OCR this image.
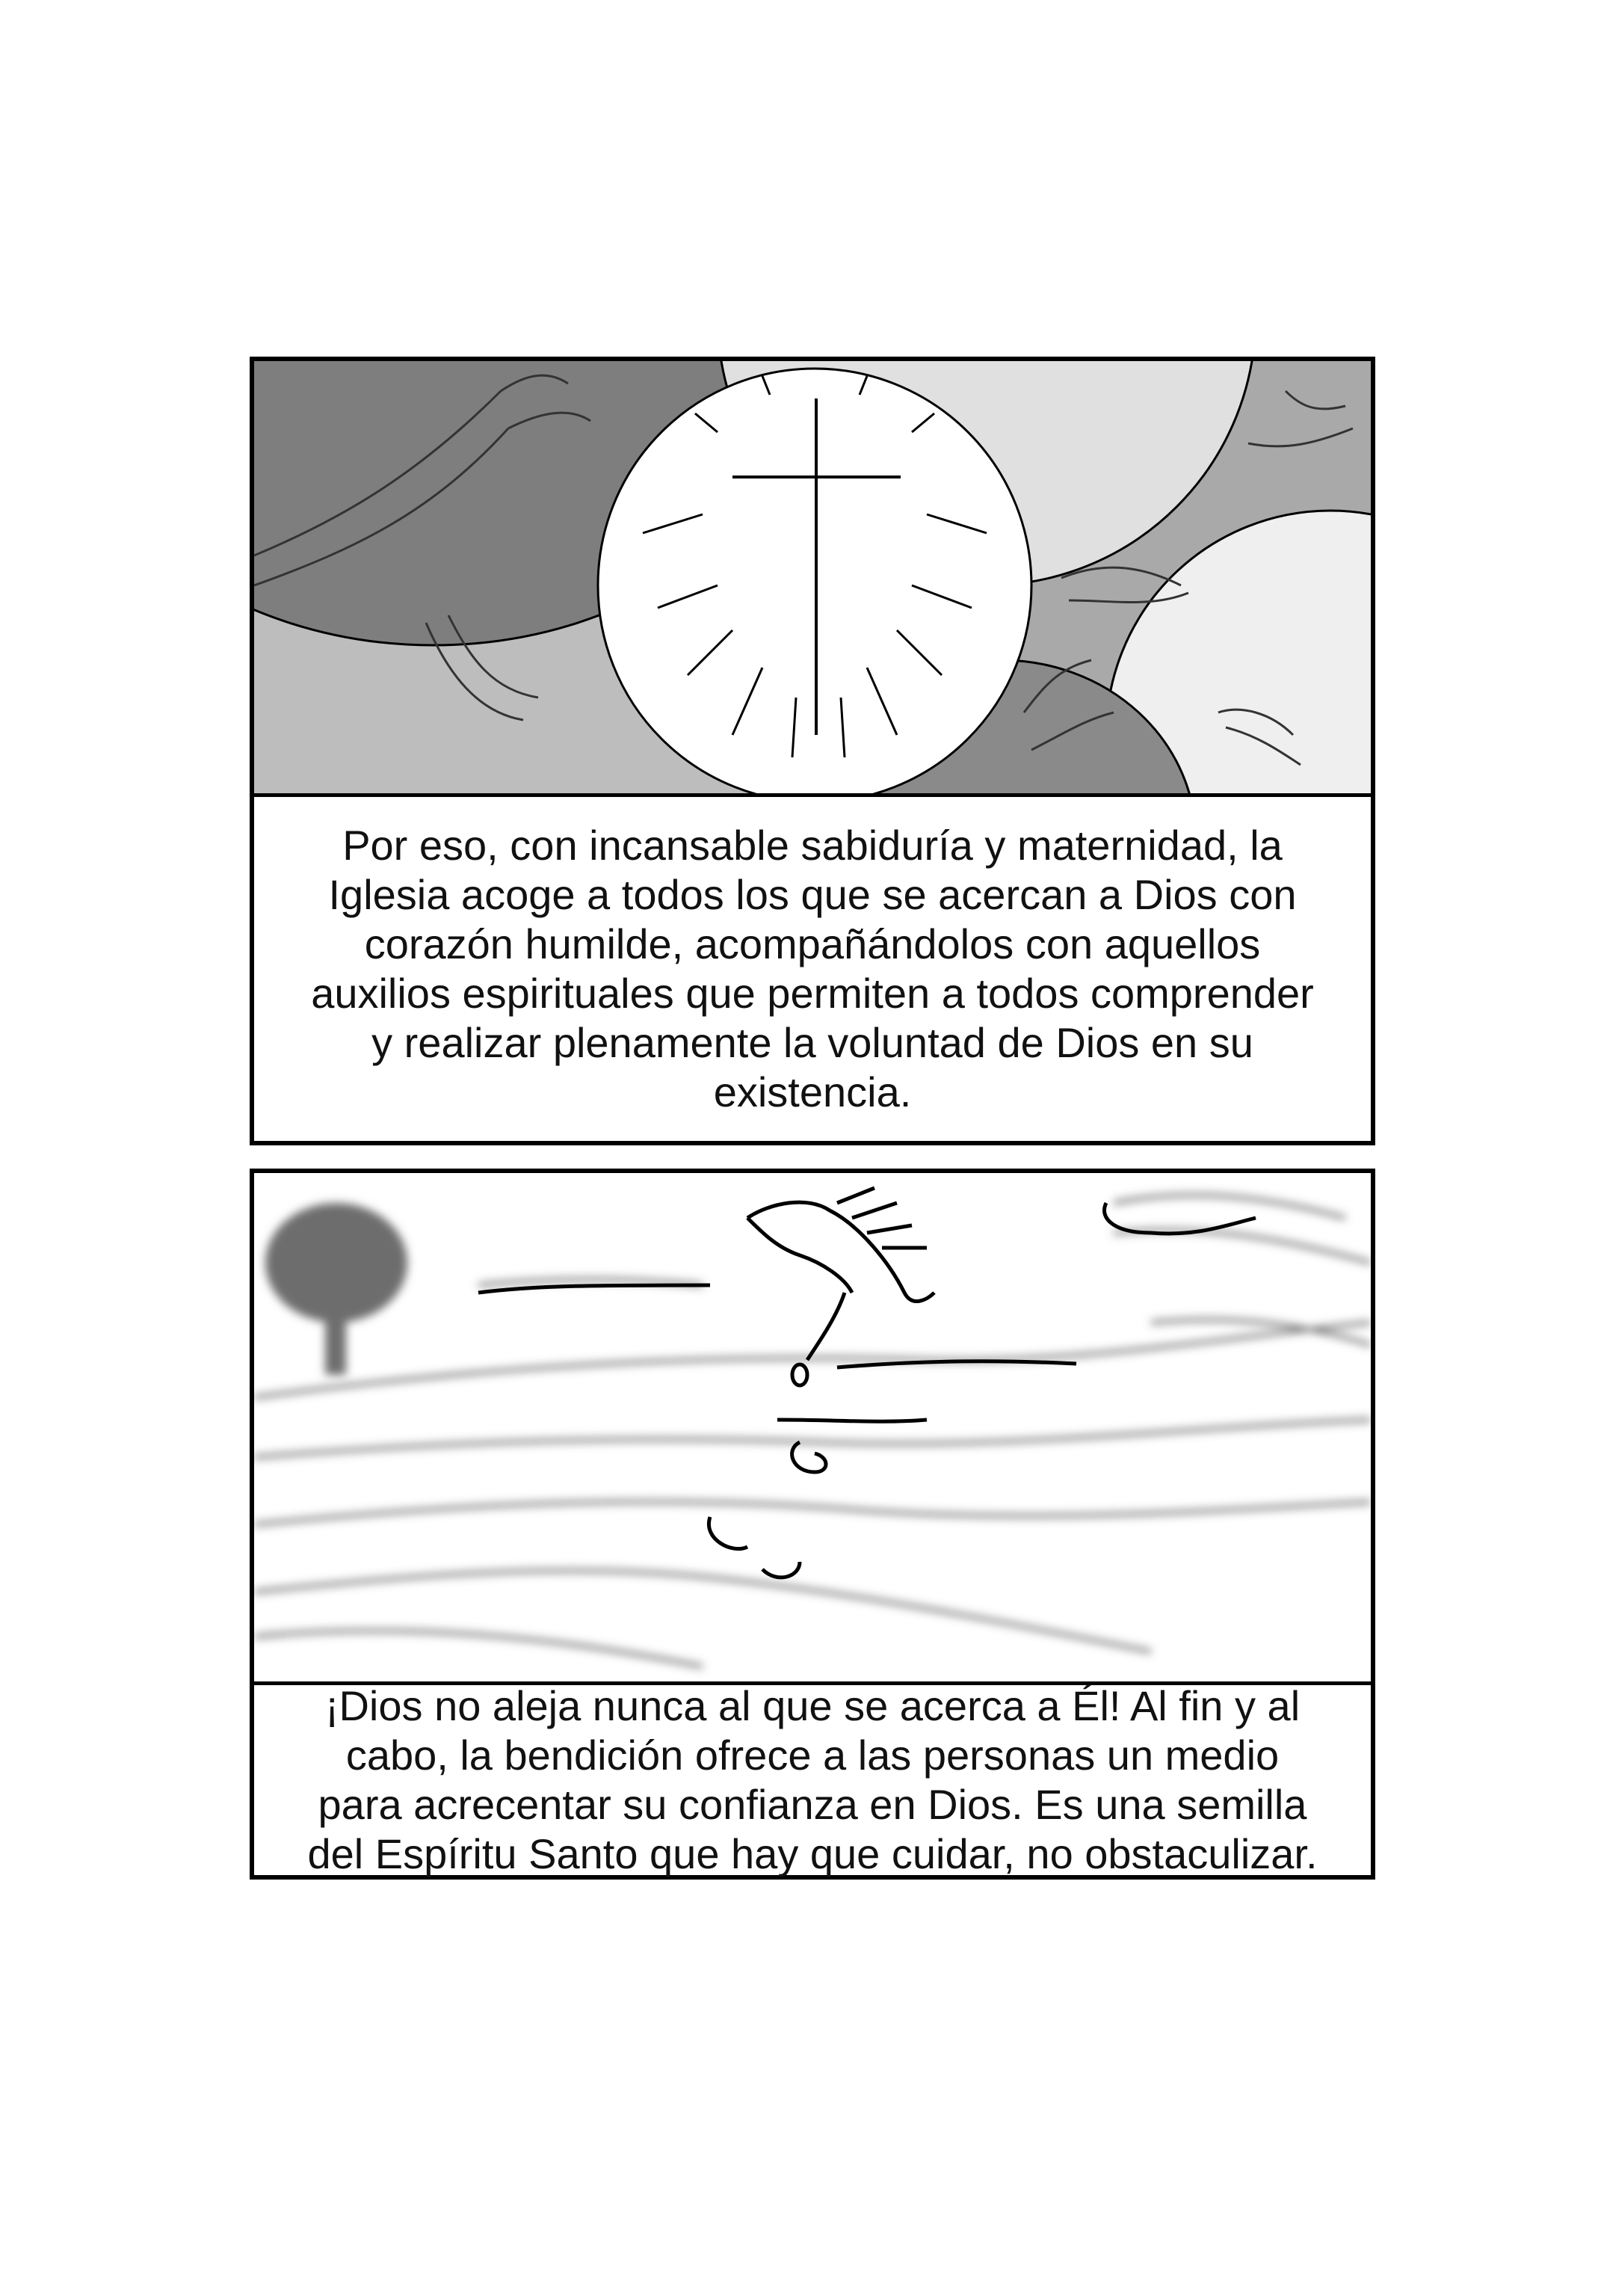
Por eso, con incansable sabiduría y maternidad, la
Iglesia acoge a todos los que se acercan a Dios con
corazón humilde, acompañándolos con aquellos
auxilios espirituales que permiten a todos comprender
y realizar plenamente la voluntad de Dios en su
existencia.
¡Dios no aleja nunca al que se acerca a Él! Al fin y al
cabo, la bendición ofrece a las personas un medio
para acrecentar su confianza en Dios. Es una semilla
del Espíritu Santo que hay que cuidar, no obstaculizar.
